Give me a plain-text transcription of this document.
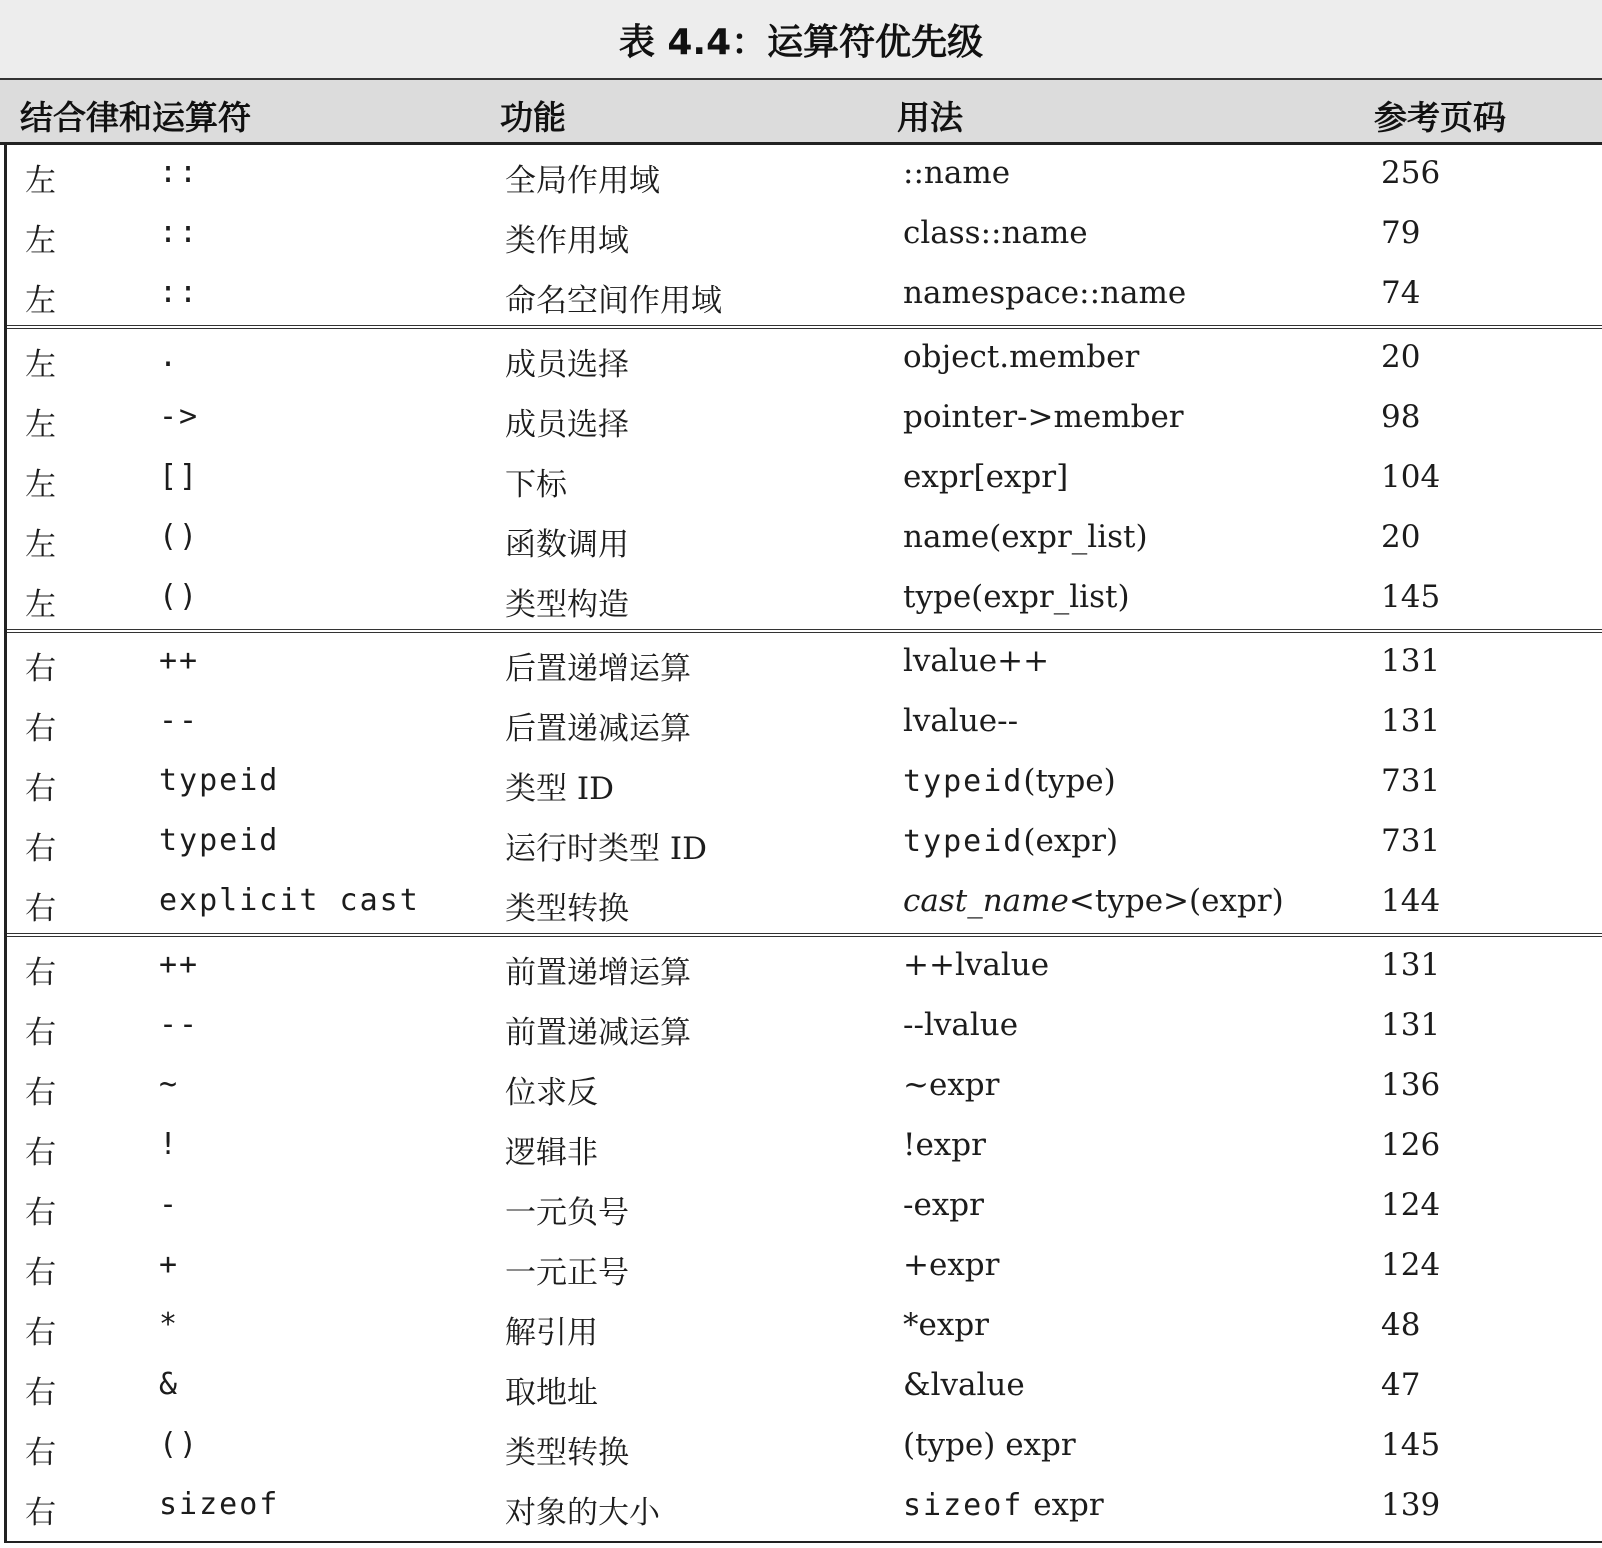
表 4.4：运算符优先级
结合律和运算符	功能	用法	参考页码
左	::	全局作用域	::name	256
左	::	类作用域	class::name	79
左	::	命名空间作用域	namespace::name	74
左	.	成员选择	object.member	20
左	->	成员选择	pointer->member	98
左	[]	下标	expr[expr]	104
左	()	函数调用	name(expr_list)	20
左	()	类型构造	type(expr_list)	145
右	++	后置递增运算	lvalue++	131
右	--	后置递减运算	lvalue--	131
右	typeid	类型 ID	typeid(type)	731
右	typeid	运行时类型 ID	typeid(expr)	731
右	explicit cast	类型转换	cast_name<type>(expr)	144
右	++	前置递增运算	++lvalue	131
右	--	前置递减运算	--lvalue	131
右	~	位求反	~expr	136
右	!	逻辑非	!expr	126
右	-	一元负号	-expr	124
右	+	一元正号	+expr	124
右	*	解引用	*expr	48
右	&	取地址	&lvalue	47
右	()	类型转换	(type) expr	145
右	sizeof	对象的大小	sizeof expr	139
